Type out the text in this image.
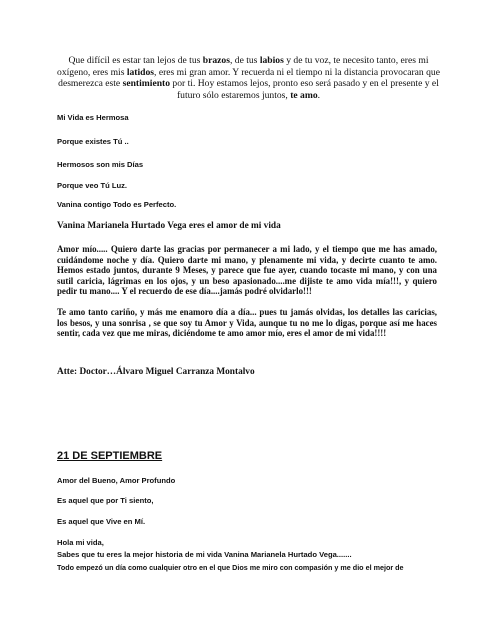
Que difícil es estar tan lejos de tus brazos, de tus labios y de tu voz, te necesito tanto, eres mi oxígeno, eres mis latidos, eres mi gran amor. Y recuerda ni el tiempo ni la distancia provocaran que desmerezca este sentimiento por ti. Hoy estamos lejos, pronto eso será pasado y en el presente y el futuro sólo estaremos juntos, te amo.
Mi Vida es Hermosa
Porque existes Tú ..
Hermosos son mis Días
Porque veo Tú Luz.
Vanina contigo Todo es Perfecto.
Vanina Marianela Hurtado Vega eres el amor de mi vida
Amor mío..... Quiero darte las gracias por permanecer a mi lado, y el tiempo que me has amado, cuidándome noche y día. Quiero darte mi mano, y plenamente mi vida, y decirte cuanto te amo. Hemos estado juntos, durante 9 Meses, y parece que fue ayer, cuando tocaste mi mano, y con una sutil caricia, lágrimas en los ojos, y un beso apasionado....me dijiste te amo vida mía!!!, y quiero pedir tu mano.... Y el recuerdo de ese día....jamás podré olvidarlo!!!
Te amo tanto cariño, y más me enamoro día a día... pues tu jamás olvidas, los detalles las caricias, los besos, y una sonrisa , se que soy tu Amor y Vida, aunque tu no me lo digas, porque así me haces sentir, cada vez que me miras, diciéndome te amo amor mío, eres el amor de mi vida!!!!
Atte: Doctor…Álvaro Miguel Carranza Montalvo
21 DE SEPTIEMBRE
Amor del Bueno, Amor Profundo
Es aquel que por Ti siento,
Es aquel que Vive en Mí.
Hola mi vida,
Sabes que tu eres la mejor historia de mi vida Vanina Marianela Hurtado Vega.......
Todo empezó un día como cualquier otro en el que Dios me miro con compasión y me dio el mejor de
